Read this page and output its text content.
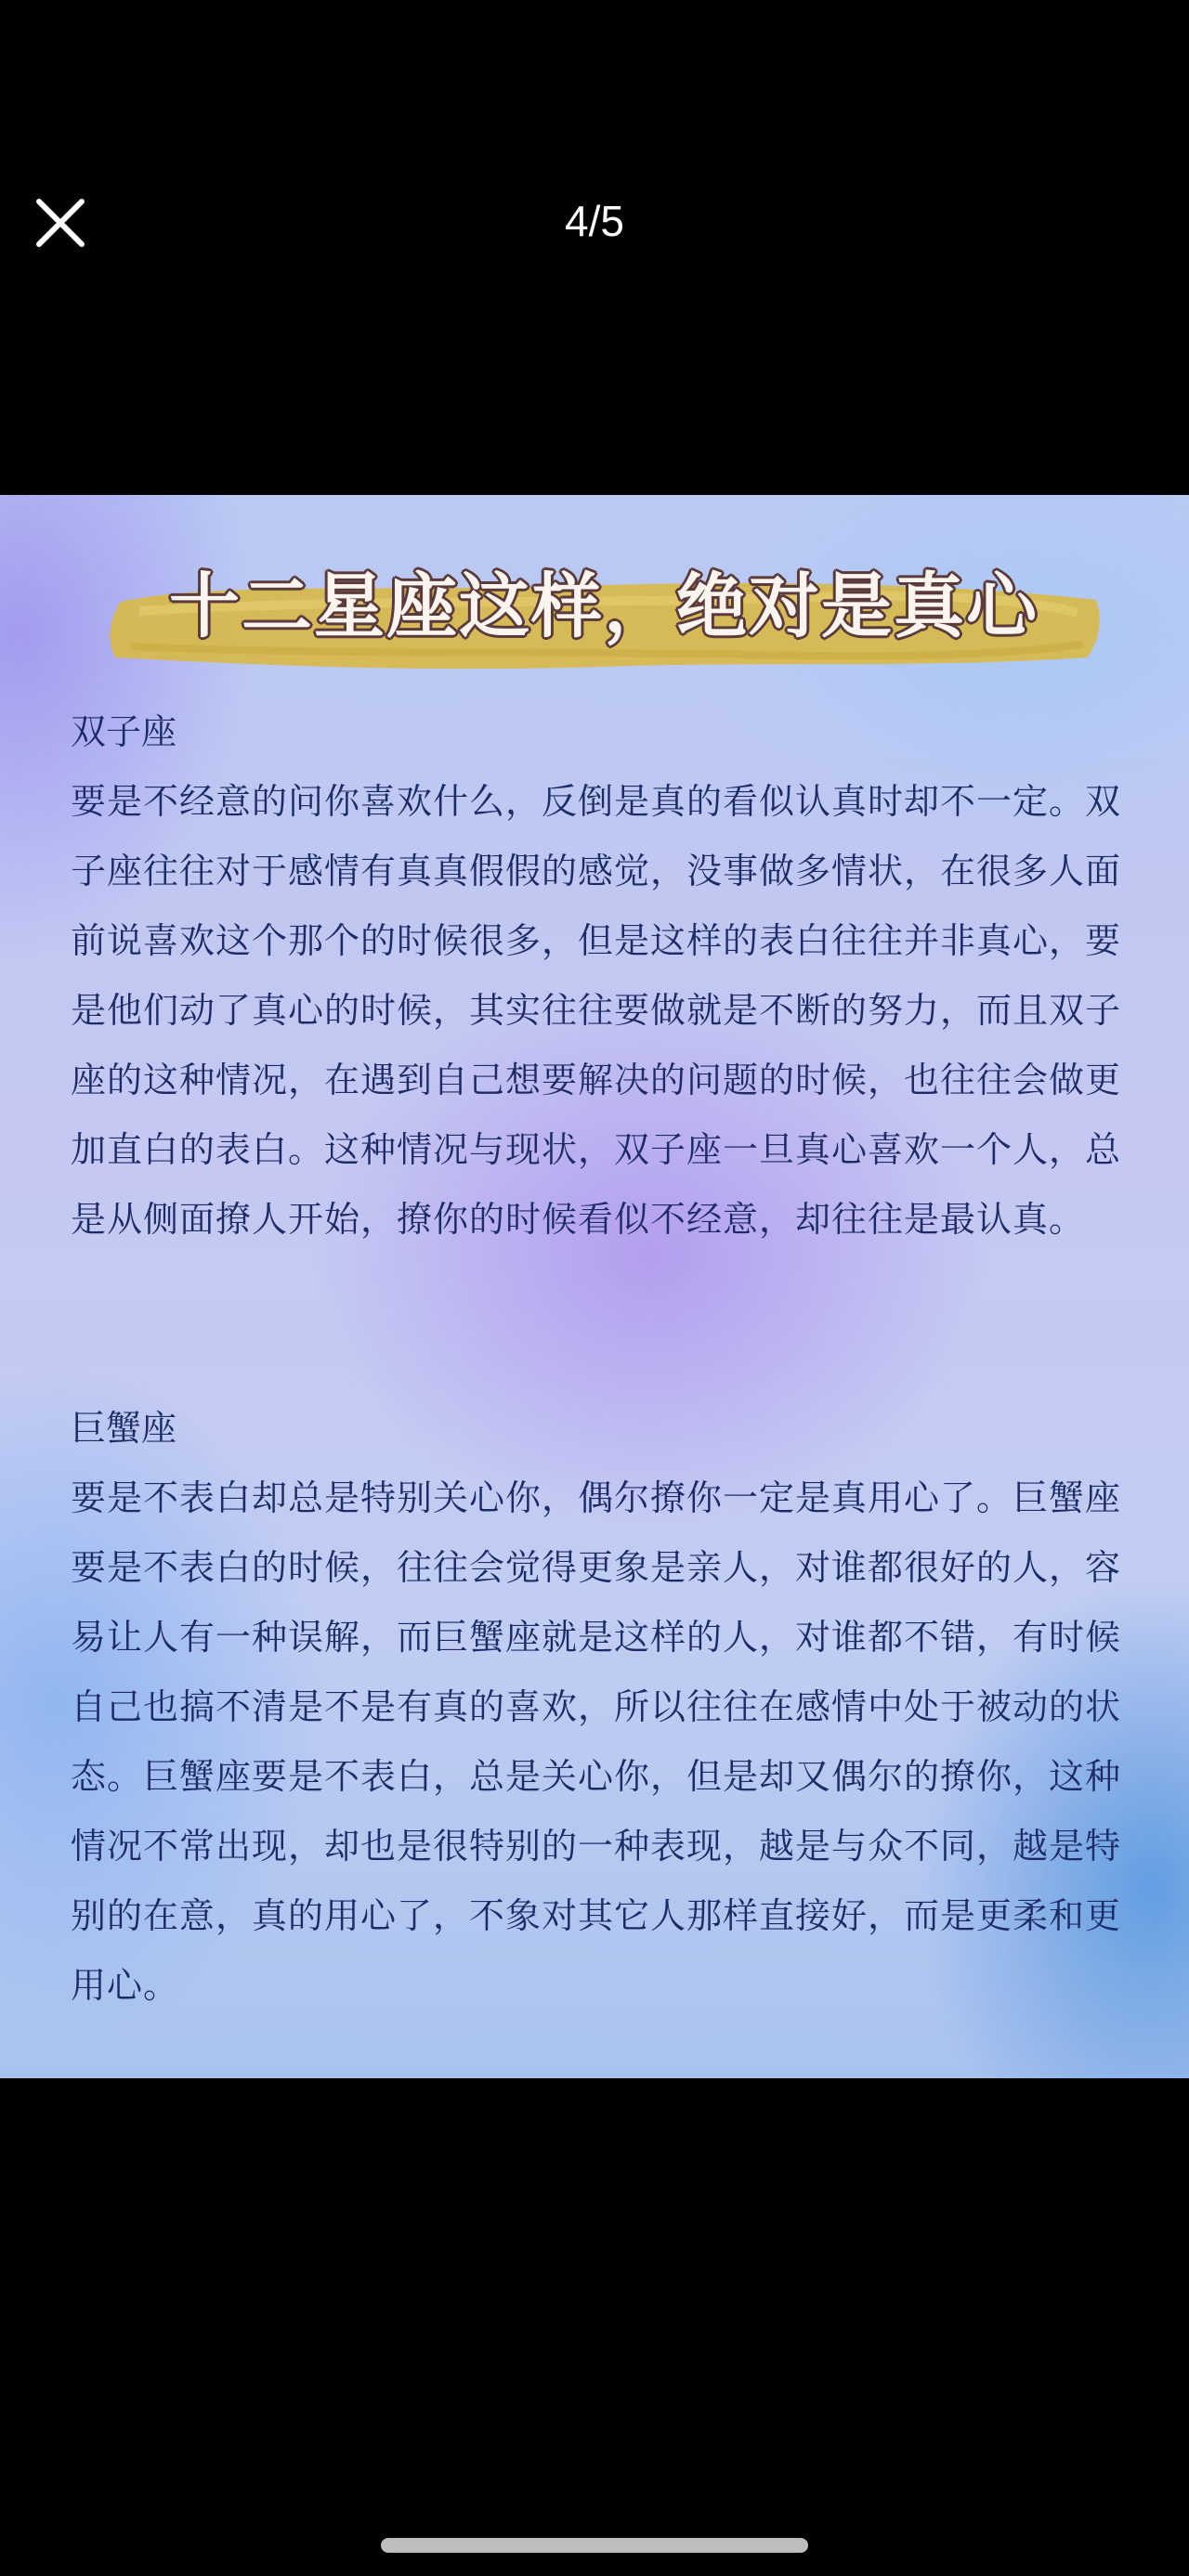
4/5
十二星座这样，绝对是真心

双子座

要是不经意的问你喜欢什么，反倒是真的看似认真时却不一定。双子座往往对于感情有真真假假的感觉，没事做多情状，在很多人面前说喜欢这个那个的时候很多，但是这样的表白往往并非真心，要是他们动了真心的时候，其实往往要做就是不断的努力，而且双子座的这种情况，在遇到自己想要解决的问题的时候，也往往会做更加直白的表白。这种情况与现状，双子座一旦真心喜欢一个人，总是从侧面撩人开始，撩你的时候看似不经意，却往往是最认真。

巨蟹座

要是不表白却总是特别关心你，偶尔撩你一定是真用心了。巨蟹座要是不表白的时候，往往会觉得更象是亲人，对谁都很好的人，容易让人有一种误解，而巨蟹座就是这样的人，对谁都不错，有时候自己也搞不清是不是有真的喜欢，所以往往在感情中处于被动的状态。巨蟹座要是不表白，总是关心你，但是却又偶尔的撩你，这种情况不常出现，却也是很特别的一种表现，越是与众不同，越是特别的在意，真的用心了，不象对其它人那样直接好，而是更柔和更用心。
